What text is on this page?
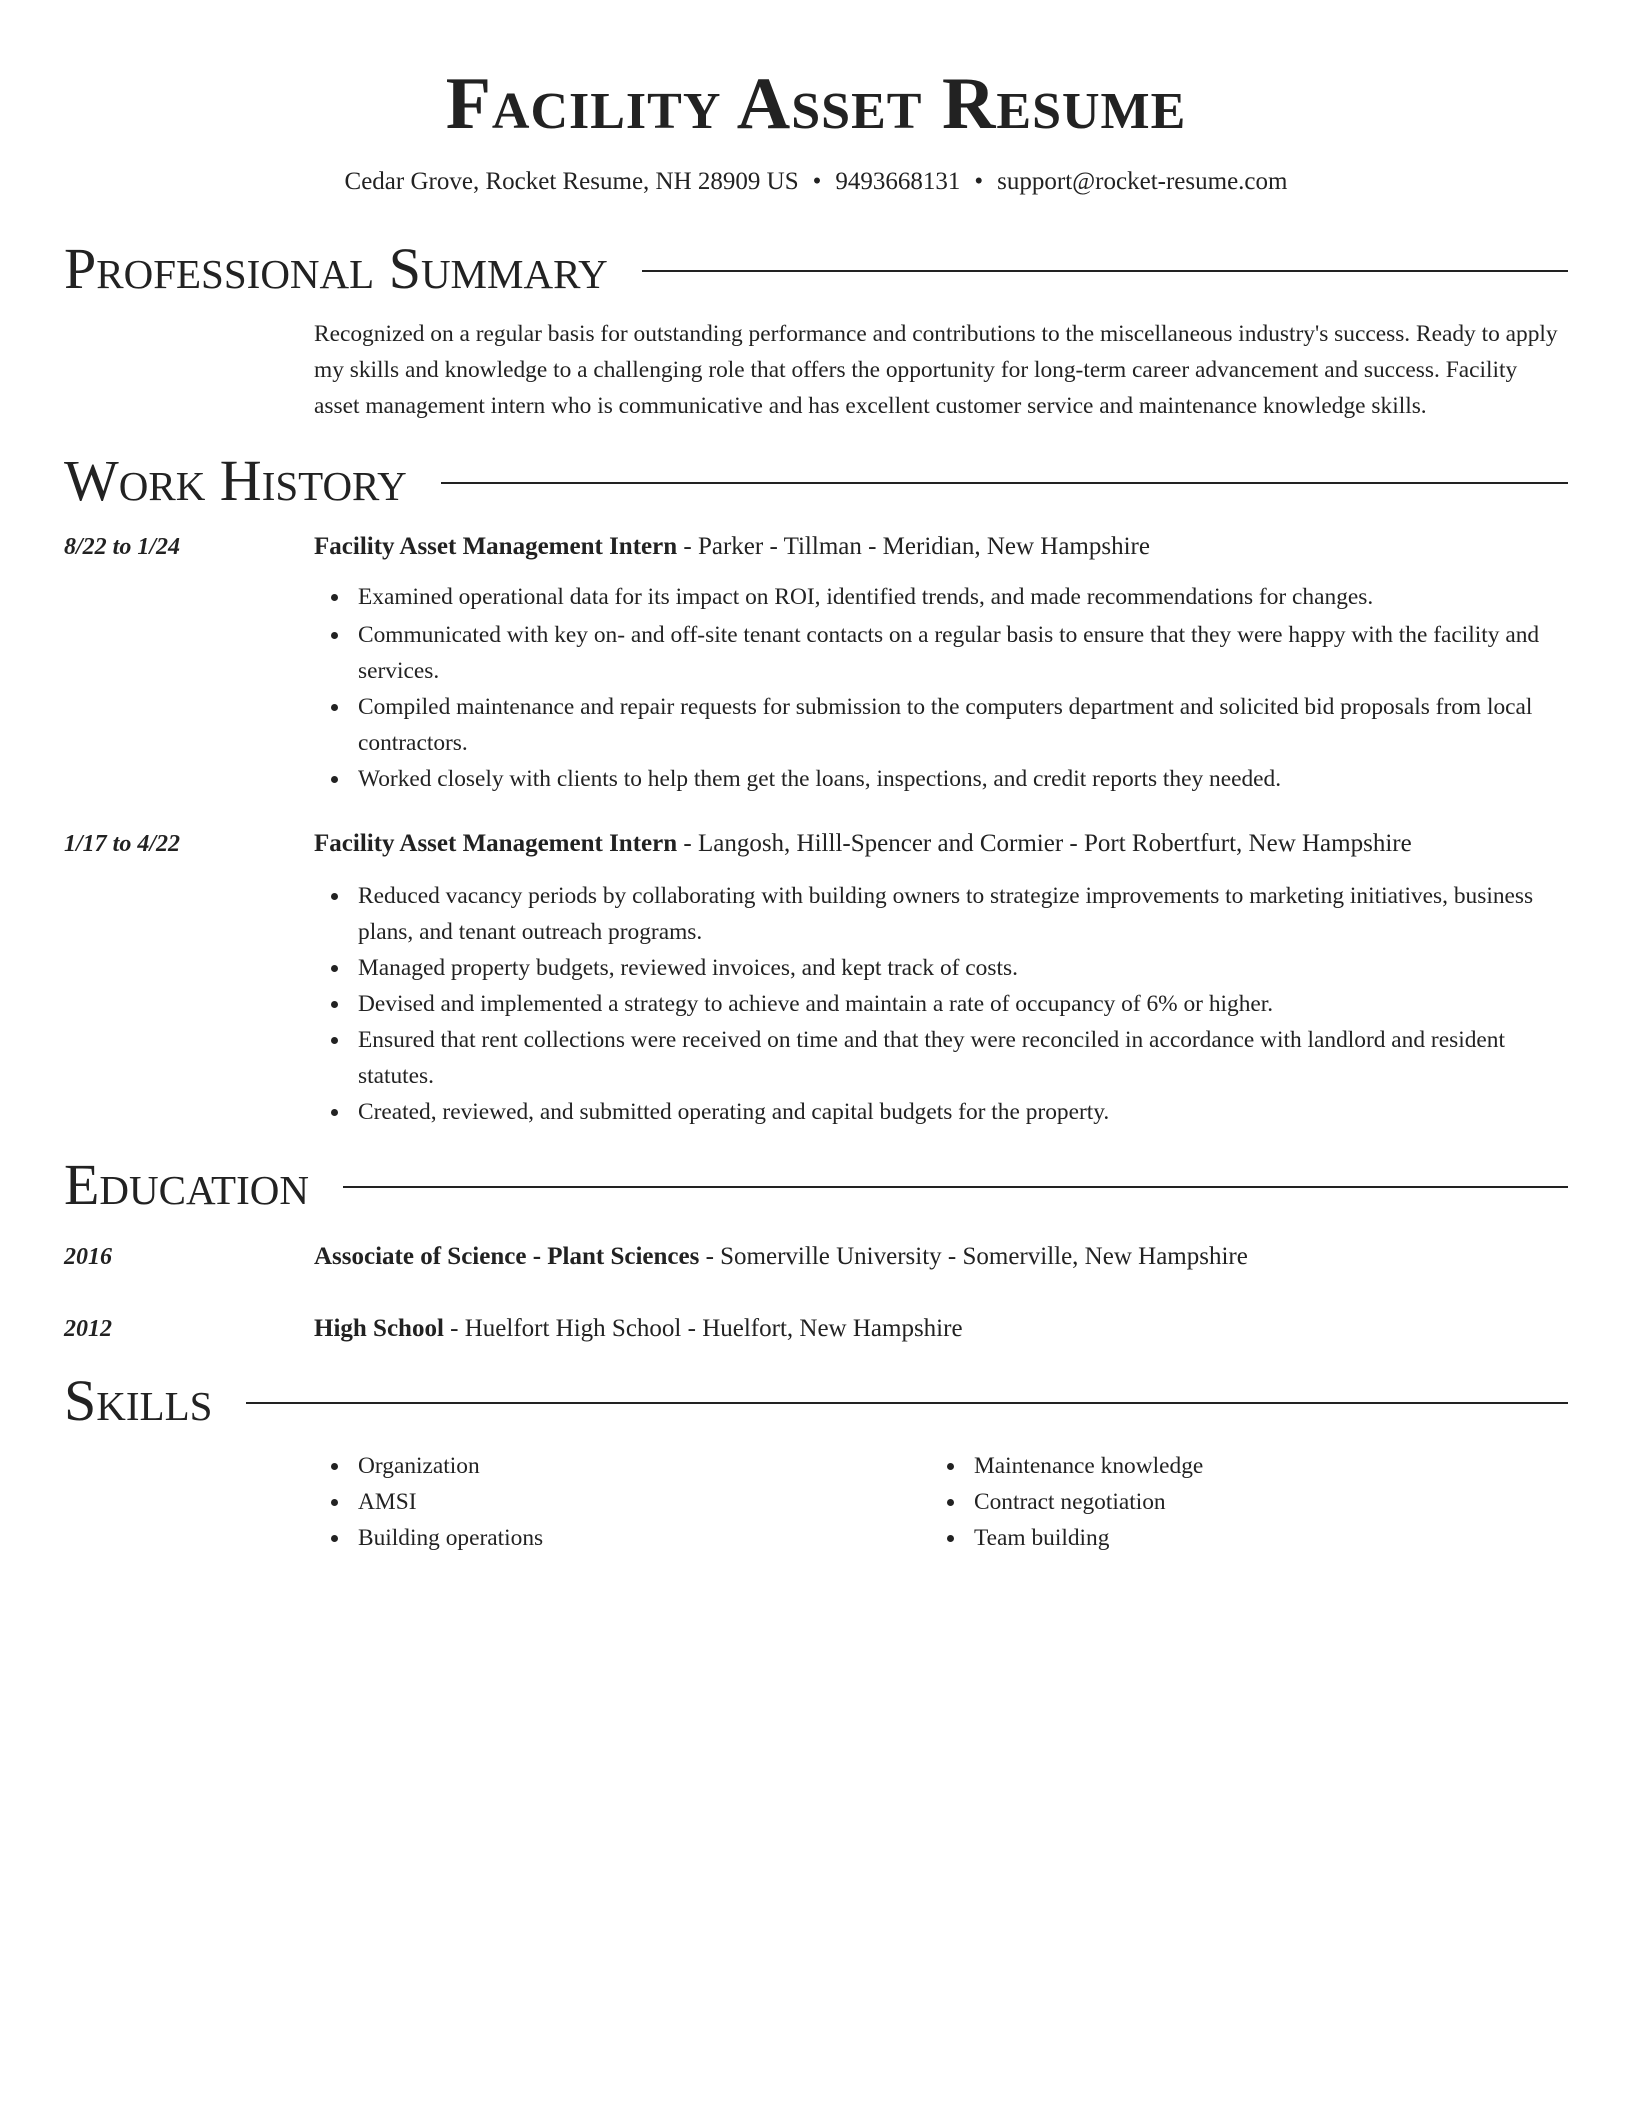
Facility Asset Resume
Cedar Grove, Rocket Resume, NH 28909 US • 9493668131 • support@rocket-resume.com
Professional Summary

Recognized on a regular basis for outstanding performance and contributions to the miscellaneous industry's success. Ready to apply my skills and knowledge to a challenging role that offers the opportunity for long-term career advancement and success. Facility asset management intern who is communicative and has excellent customer service and maintenance knowledge skills.

Work History
8/22 to 1/24	Facility Asset Management Intern - Parker - Tillman - Meridian, New Hampshire
Examined operational data for its impact on ROI, identified trends, and made recommendations for changes.
Communicated with key on- and off-site tenant contacts on a regular basis to ensure that they were happy with the facility and services.
Compiled maintenance and repair requests for submission to the computers department and solicited bid proposals from local contractors.
Worked closely with clients to help them get the loans, inspections, and credit reports they needed.
1/17 to 4/22	Facility Asset Management Intern - Langosh, Hilll-Spencer and Cormier - Port Robertfurt, New Hampshire
Reduced vacancy periods by collaborating with building owners to strategize improvements to marketing initiatives, business plans, and tenant outreach programs.
Managed property budgets, reviewed invoices, and kept track of costs.
Devised and implemented a strategy to achieve and maintain a rate of occupancy of 6% or higher.
Ensured that rent collections were received on time and that they were reconciled in accordance with landlord and resident statutes.
Created, reviewed, and submitted operating and capital budgets for the property.
Education
2016	Associate of Science - Plant Sciences - Somerville University - Somerville, New Hampshire
2012	High School - Huelfort High School - Huelfort, New Hampshire
Skills
Organization
AMSI
Building operations
Maintenance knowledge
Contract negotiation
Team building
